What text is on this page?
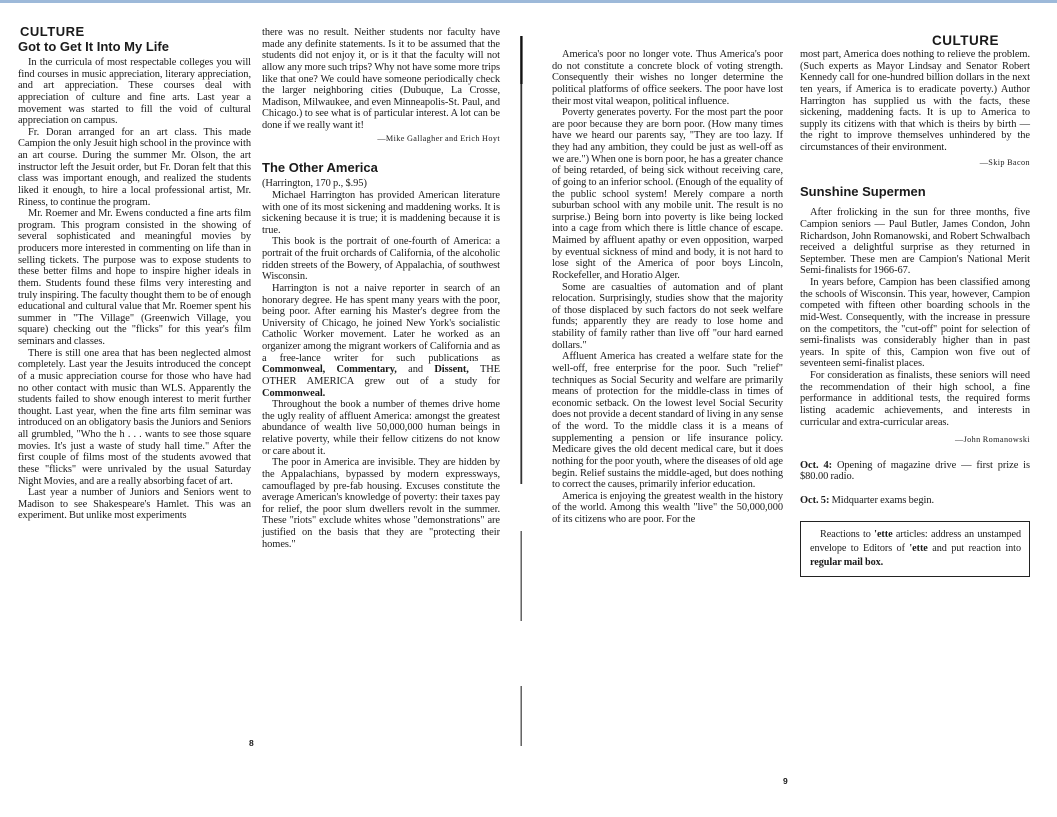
CULTURE
CULTURE
Got to Get It Into My Life

In the curricula of most respectable colleges you will find courses in music appreciation, literary appreciation, and art appreciation. These courses deal with appreciation of culture and fine arts. Last year a movement was started to fill the void of cultural appreciation on campus.

Fr. Doran arranged for an art class. This made Campion the only Jesuit high school in the province with an art course. During the summer Mr. Olson, the art instructor left the Jesuit order, but Fr. Doran felt that this class was important enough, and realized the students liked it enough, to hire a local professional artist, Mr. Riness, to continue the program.

Mr. Roemer and Mr. Ewens conducted a fine arts film program. This program consisted in the showing of several sophisticated and meaningful movies by producers more interested in commenting on life than in selling tickets. The purpose was to expose students to these better films and hope to inspire higher ideals in them. Students found these films very interesting and truly inspiring. The faculty thought them to be of enough educational and cultural value that Mr. Roemer spent his summer in "The Village" (Greenwich Village, you square) checking out the "flicks" for this year's film seminars and classes.

There is still one area that has been neglected almost completely. Last year the Jesuits introduced the concept of a music appreciation course for those who have had no other contact with music than WLS. Apparently the students failed to show enough interest to merit further thought. Last year, when the fine arts film seminar was introduced on an obligatory basis the Juniors and Seniors all grumbled, "Who the h . . . wants to see those square movies. It's just a waste of study hall time." After the first couple of films most of the students avowed that these "flicks" were unrivaled by the usual Saturday Night Movies, and are a really absorbing facet of art.

Last year a number of Juniors and Seniors went to Madison to see Shakespeare's Hamlet. This was an experiment. But unlike most experiments

there was no result. Neither students nor faculty have made any definite statements. Is it to be assumed that the students did not enjoy it, or is it that the faculty will not allow any more such trips? Why not have some more trips like that one? We could have someone periodically check the larger neighboring cities (Dubuque, La Crosse, Madison, Milwaukee, and even Minneapolis-St. Paul, and Chicago.) to see what is of particular interest. A lot can be done if we really want it!

—Mike Gallagher and Erich Hoyt

The Other America

(Harrington, 170 p., $.95)

Michael Harrington has provided American literature with one of its most sickening and maddening works. It is sickening because it is true; it is maddening because it is true.

This book is the portrait of one-fourth of America: a portrait of the fruit orchards of California, of the alcoholic ridden streets of the Bowery, of Appalachia, of southwest Wisconsin.

Harrington is not a naive reporter in search of an honorary degree. He has spent many years with the poor, being poor. After earning his Master's degree from the University of Chicago, he joined New York's socialistic Catholic Worker movement. Later he worked as an organizer among the migrant workers of California and as a free-lance writer for such publications as Commonweal, Commentary, and Dissent, THE OTHER AMERICA grew out of a study for Commonweal.

Throughout the book a number of themes drive home the ugly reality of affluent America: amongst the greatest abundance of wealth live 50,000,000 human beings in relative poverty, while their fellow citizens do not know or care about it.

The poor in America are invisible. They are hidden by the Appalachians, bypassed by modern expressways, camouflaged by pre-fab housing. Excuses constitute the average American's knowledge of poverty: their taxes pay for relief, the poor slum dwellers revolt in the summer. These "riots" exclude whites whose "demonstrations" are justified on the basis that they are "protecting their homes."

8

America's poor no longer vote. Thus America's poor do not constitute a concrete block of voting strength. Consequently their wishes no longer determine the political platforms of office seekers. The poor have lost their most vital weapon, political influence.

Poverty generates poverty. For the most part the poor are poor because they are born poor. (How many times have we heard our parents say, "They are too lazy. If they had any ambition, they could be just as well-off as we are.") When one is born poor, he has a greater chance of being retarded, of being sick without receiving care, of going to an inferior school. (Enough of the equality of the public school system! Merely compare a north suburban school with any mobile unit. The result is no surprise.) Being born into poverty is like being locked into a cage from which there is little chance of escape. Maimed by affluent apathy or even opposition, warped by eventual sickness of mind and body, it is not hard to lose sight of the America of poor boys Lincoln, Rockefeller, and Horatio Alger.

Some are casualties of automation and of plant relocation. Surprisingly, studies show that the majority of those displaced by such factors do not seek welfare funds; apparently they are ready to lose home and stability of family rather than live off "our hard earned dollars."

Affluent America has created a welfare state for the well-off, free enterprise for the poor. Such "relief" techniques as Social Security and welfare are primarily means of protection for the middle-class in times of economic setback. On the lowest level Social Security does not provide a decent standard of living in any sense of the word. To the middle class it is a means of supplementing a pension or life insurance policy. Medicare gives the old decent medical care, but it does nothing for the poor youth, where the diseases of old age begin. Relief sustains the middle-aged, but does nothing to correct the causes, primarily inferior education.

America is enjoying the greatest wealth in the history of the world. Among this wealth "live" the 50,000,000 of its citizens who are poor. For the

9

most part, America does nothing to relieve the problem. (Such experts as Mayor Lindsay and Senator Robert Kennedy call for one-hundred billion dollars in the next ten years, if America is to eradicate poverty.) Author Harrington has supplied us with the facts, these sickening, maddening facts. It is up to America to supply its citizens with that which is theirs by birth — the right to improve themselves unhindered by the circumstances of their environment.

—Skip Bacon

Sunshine Supermen

After frolicking in the sun for three months, five Campion seniors — Paul Butler, James Condon, John Richardson, John Romanowski, and Robert Schwalbach received a delightful surprise as they returned in September. These men are Campion's National Merit Semi-finalists for 1966-67.

In years before, Campion has been classified among the schools of Wisconsin. This year, however, Campion competed with fifteen other boarding schools in the mid-West. Consequently, with the increase in pressure on the competitors, the "cut-off" point for selection of semi-finalists was considerably higher than in past years. In spite of this, Campion won five out of seventeen semi-finalist places.

For consideration as finalists, these seniors will need the recommendation of their high school, a fine performance in additional tests, the required forms listing academic achievements, and interests in curricular and extra-curricular areas.

—John Romanowski

Oct. 4: Opening of magazine drive — first prize is $80.00 radio.

Oct. 5: Midquarter exams begin.

Reactions to 'ette articles: address an unstamped envelope to Editors of 'ette and put reaction into regular mail box.
